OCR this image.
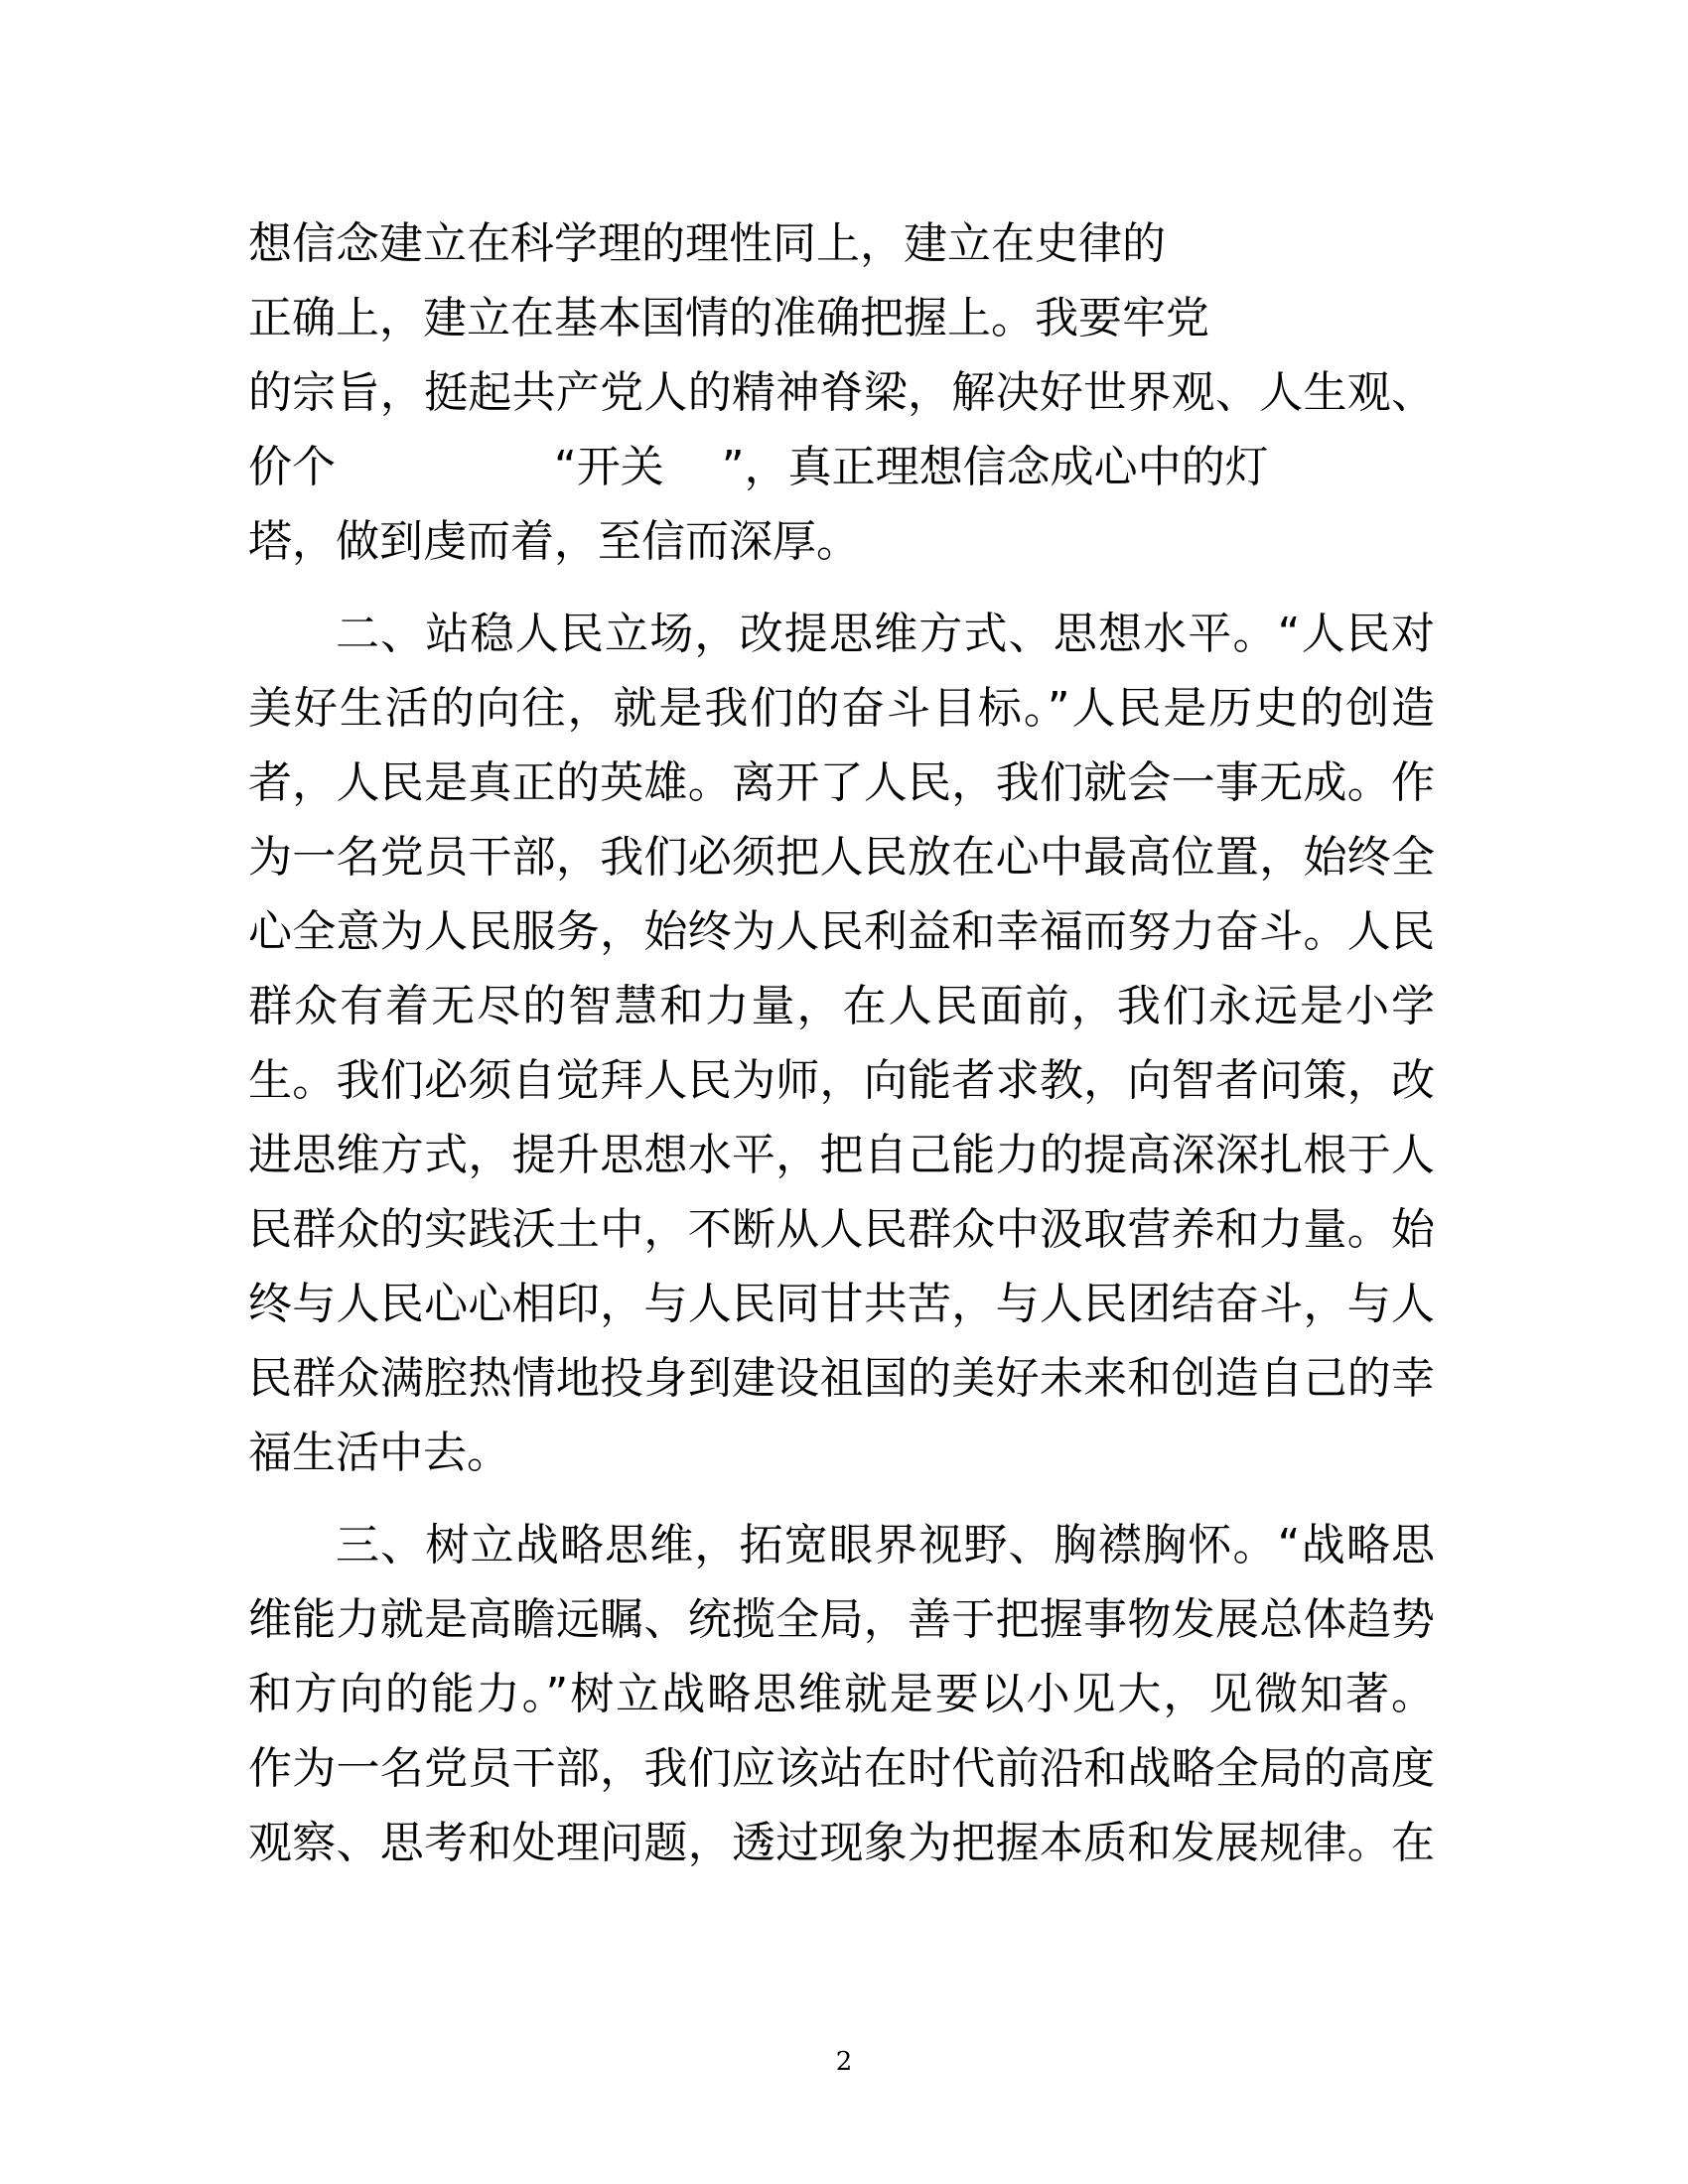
想信念建立在科学理的理性同上，建立在史律的
正确上，建立在基本国情的准确把握上。我要牢党
的宗旨，挺起共产党人的精神脊梁，解决好世界观、人生观、
价个　　　　　“开关　 ”，真正理想信念成心中的灯
塔，做到虔而着，至信而深厚。
二、站稳人民立场，改提思维方式、思想水平。“人民对
美好生活的向往，就是我们的奋斗目标。”人民是历史的创造
者，人民是真正的英雄。离开了人民，我们就会一事无成。作
为一名党员干部，我们必须把人民放在心中最高位置，始终全
心全意为人民服务，始终为人民利益和幸福而努力奋斗。人民
群众有着无尽的智慧和力量，在人民面前，我们永远是小学
生。我们必须自觉拜人民为师，向能者求教，向智者问策，改
进思维方式，提升思想水平，把自己能力的提高深深扎根于人
民群众的实践沃土中，不断从人民群众中汲取营养和力量。始
终与人民心心相印，与人民同甘共苦，与人民团结奋斗，与人
民群众满腔热情地投身到建设祖国的美好未来和创造自己的幸
福生活中去。
三、树立战略思维，拓宽眼界视野、胸襟胸怀。“战略思
维能力就是高瞻远瞩、统揽全局，善于把握事物发展总体趋势
和方向的能力。”树立战略思维就是要以小见大，见微知著。
作为一名党员干部，我们应该站在时代前沿和战略全局的高度
观察、思考和处理问题，透过现象为把握本质和发展规律。在
2
